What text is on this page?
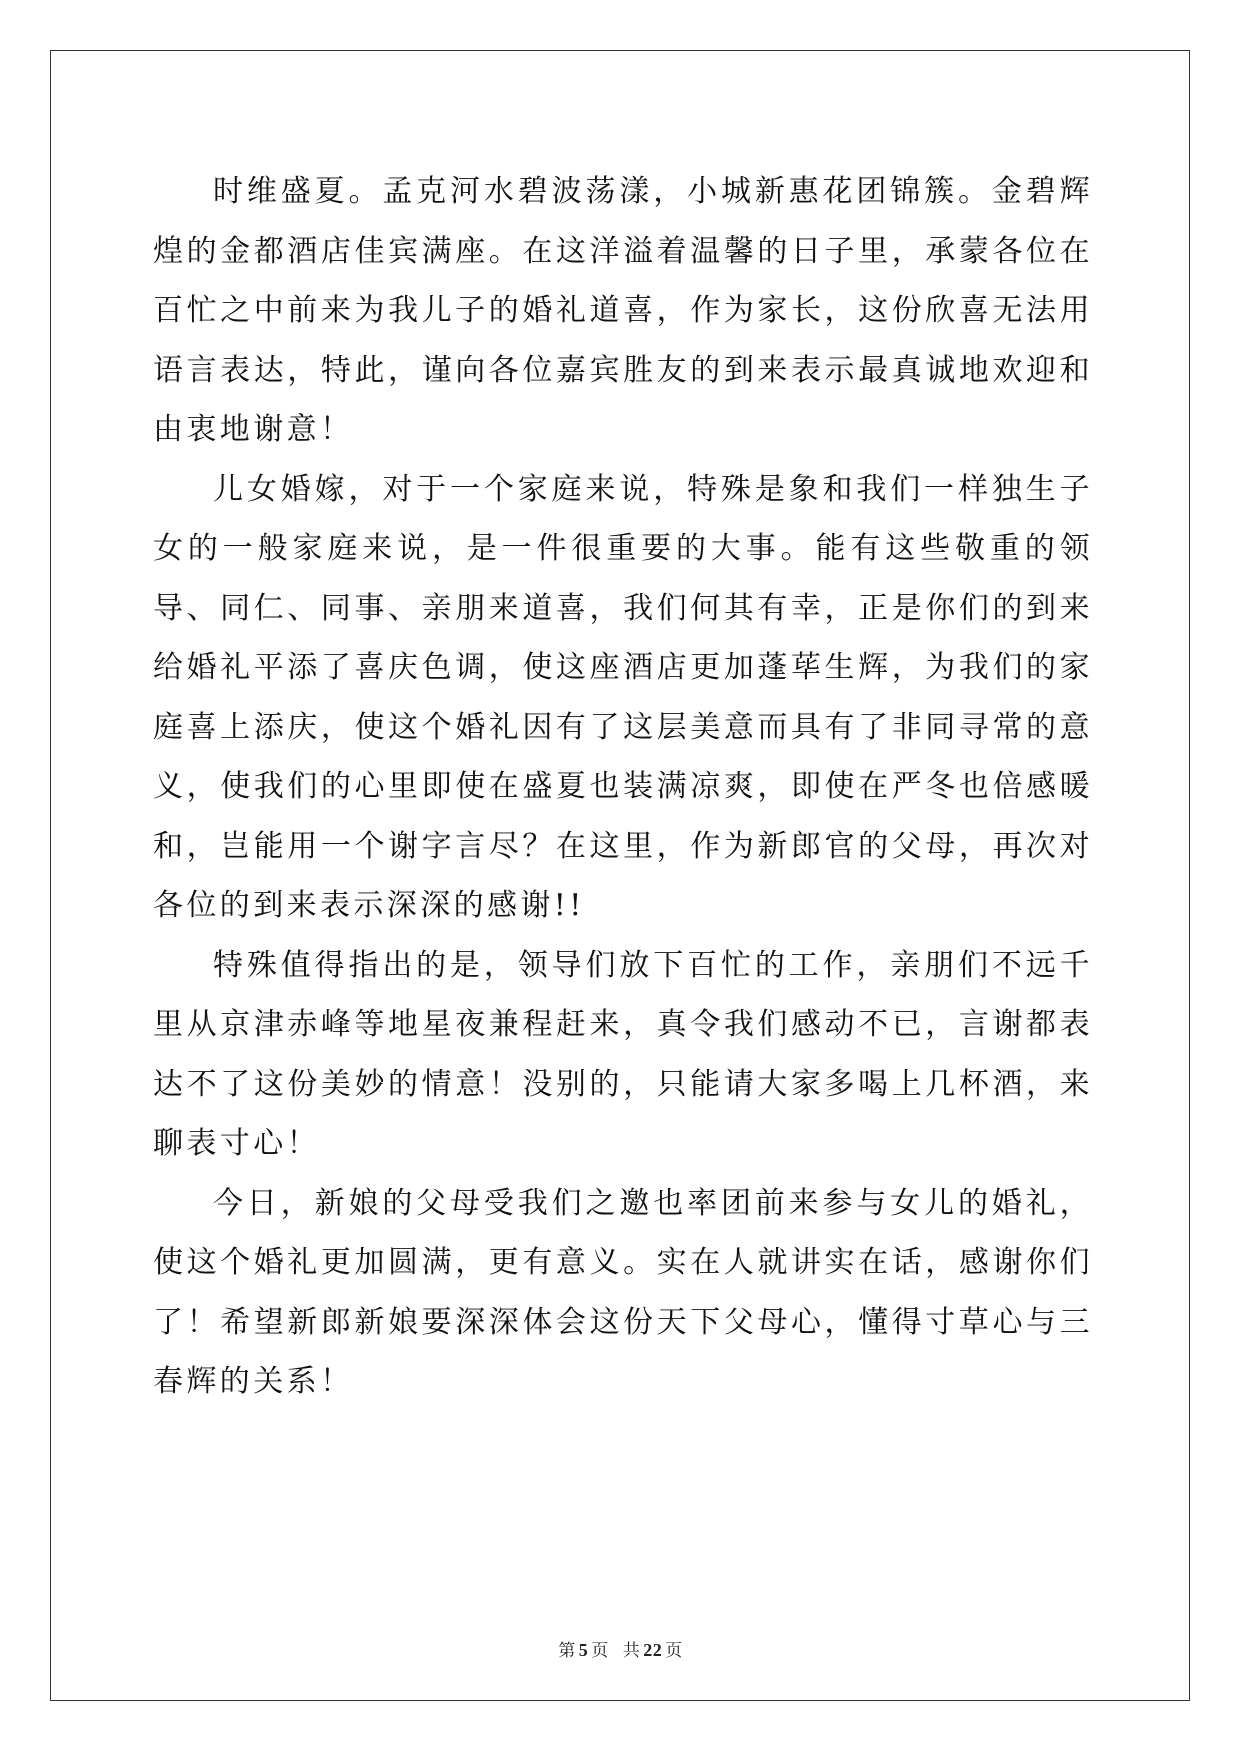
时维盛夏。孟克河水碧波荡漾，小城新惠花团锦簇。金碧辉煌的金都酒店佳宾满座。在这洋溢着温馨的日子里，承蒙各位在百忙之中前来为我儿子的婚礼道喜，作为家长，这份欣喜无法用语言表达，特此，谨向各位嘉宾胜友的到来表示最真诚地欢迎和由衷地谢意！

儿女婚嫁，对于一个家庭来说，特殊是象和我们一样独生子女的一般家庭来说，是一件很重要的大事。能有这些敬重的领导、同仁、同事、亲朋来道喜，我们何其有幸，正是你们的到来给婚礼平添了喜庆色调，使这座酒店更加蓬荜生辉，为我们的家庭喜上添庆，使这个婚礼因有了这层美意而具有了非同寻常的意义，使我们的心里即使在盛夏也装满凉爽，即使在严冬也倍感暖和，岂能用一个谢字言尽？在这里，作为新郎官的父母，再次对各位的到来表示深深的感谢!!

特殊值得指出的是，领导们放下百忙的工作，亲朋们不远千里从京津赤峰等地星夜兼程赶来，真令我们感动不已，言谢都表达不了这份美妙的情意！没别的，只能请大家多喝上几杯酒，来聊表寸心！

今日，新娘的父母受我们之邀也率团前来参与女儿的婚礼，使这个婚礼更加圆满，更有意义。实在人就讲实在话，感谢你们了！希望新郎新娘要深深体会这份天下父母心，懂得寸草心与三春辉的关系！

第 5 页 共 22 页
